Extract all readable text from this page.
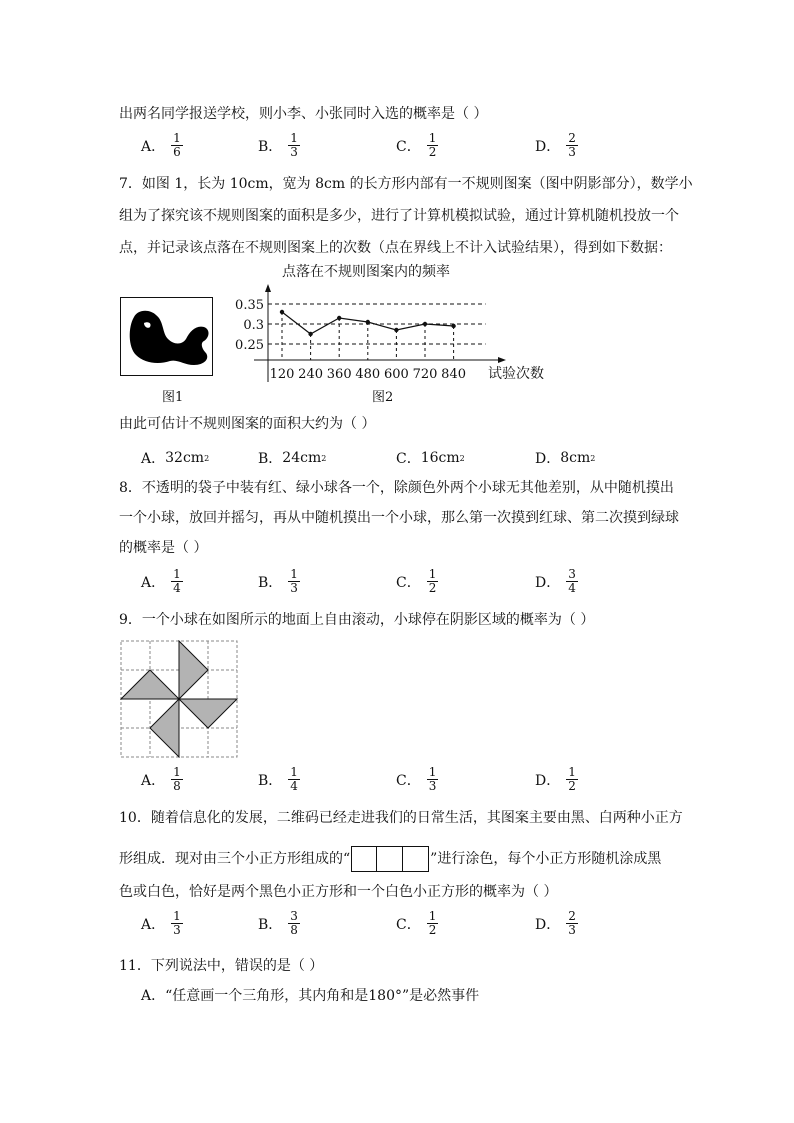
出两名同学报送学校，则小李、小张同时入选的概率是（ ）
A． $\frac{1}{6}$	B． $\frac{1}{3}$	C． $\frac{1}{2}$	D． $\frac{2}{3}$
7．如图 1，长为 10cm，宽为 8cm 的长方形内部有一不规则图案（图中阴影部分），数学小
组为了探究该不规则图案的面积是多少，进行了计算机模拟试验，通过计算机随机投放一个
点，并记录该点落在不规则图案上的次数（点在界线上不计入试验结果），得到如下数据：
图1
点落在不规则图案内的频率
试验次数
0.35
0.3
0.25
120 240 360 480 600 720 840
图2
由此可估计不规则图案的面积大约为（ ）
A． 32cm 2	B． 24cm 2	C． 16cm 2	D． 8cm 2
8．不透明的袋子中装有红、绿小球各一个，除颜色外两个小球无其他差别，从中随机摸出
一个小球，放回并摇匀，再从中随机摸出一个小球，那么第一次摸到红球、第二次摸到绿球
的概率是（ ）
A． $\frac{1}{4}$	B． $\frac{1}{3}$	C． $\frac{1}{2}$	D． $\frac{3}{4}$
9．一个小球在如图所示的地面上自由滚动，小球停在阴影区域的概率为（ ）
A． $\frac{1}{8}$	B． $\frac{1}{4}$	C． $\frac{1}{3}$	D． $\frac{1}{2}$
10．随着信息化的发展，二维码已经走进我们的日常生活，其图案主要由黑、白两种小正方
形组成．现对由三个小正方形组成的“	”进行涂色，每个小正方形随机涂成黑
色或白色，恰好是两个黑色小正方形和一个白色小正方形的概率为（ ）
A． $\frac{1}{3}$	B． $\frac{3}{8}$	C． $\frac{1}{2}$	D． $\frac{2}{3}$
11．下列说法中，错误的是（ ）
A．“任意画一个三角形，其内角和是180°”是必然事件
